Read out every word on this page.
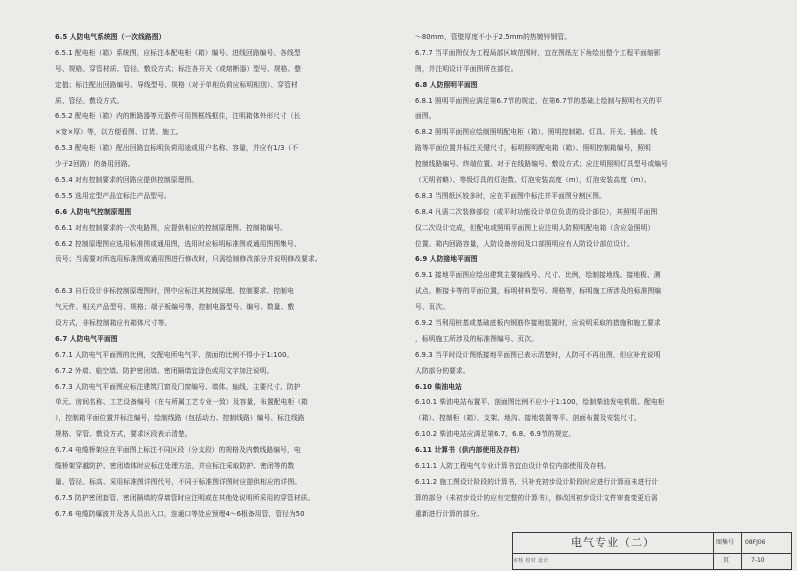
6.5 人防电气系统图（一次线路图）
6.5.1 配电柜（箱）系统图，应标注本配电柜（箱）编号、进线回路编号、各线型
号、规格、穿管材质、管径、敷设方式；标注各开关（或熔断器）型号、规格、整
定值；标注配出回路编号、导线型号、规格（对于单相负荷应标明相别）、穿管材
质、管径、敷设方式。
6.5.2 配电柜（箱）内的断路器等元器件可用图框线框住，注明箱体外形尺寸（长
×宽×厚）等，以方便看图、订货、施工。
6.5.3 配电柜（箱）配出回路宜标明负荷用途或用户名称、容量，并应有1/3（不
少于2回路）的备用回路。
6.5.4 对有控制要求的回路应提供控制原理图。
6.5.5 选用定型产品宜标注产品型号。
6.6 人防电气控制原理图
6.6.1 对有控制要求的一次电路图，应提供相应的控制原理图、控制箱编号。
6.6.2 控制原理图应选用标准图或通用图，选用时应标明标准图或通用图图集号、
页号；当需要对所选用标准图或通用图进行修改时，只需绘制修改部分并说明修改要求。
6.6.3 自行设计非标控制原理图时，图中应标注其控制原理、控制要求、控制电
气元件、相关产品型号、规格；端子板编号等，控制电器型号、编号、数量、敷
设方式，非标控制箱应有箱体尺寸等。
6.7 人防电气平面图
6.7.1 人防电气平面图的比例，交配电所电气平、剖面的比例不得小于1:100。
6.7.2 外墙、临空墙、防护密闭墙、密闭隔墙宜涂色或用文字加注说明。
6.7.3 人防电气平面图应标注建筑门窗及门窗编号、墙体、轴线，主要尺寸、防护
单元、房间名称、工艺设备编号（在与所属工艺专业一致）及容量，布置配电柜（箱
），控制箱平面位置并标注编号，绘制线路（包括动力、控制线路）编号、标注线路
规格、穿管、敷设方式，要求区段表示清楚。
6.7.4 电缆桥架应在平面图上标注不同区段（分支段）的规格及内敷线路编号，电
缆桥架穿越防护、密闭墙体时应标注处理方法，并应标注采取防护、密闭等的数
量、管径、标高、采用标准图详图代号，不同于标准图详图时应提供相应的详图。
6.7.5 防护密闭套管、密闭隔墙的穿墙管时应注明或在其他处说明所采用的穿管材质。
6.7.6 电缆防爆波井及各人员出入口，连通口等处应预埋4～6根备用管，管径为50
～80mm，管壁厚度不小于2.5mm的热镀锌钢管。
6.7.7 当平面图仅为工程局部区域范围时，宜在图纸左下角绘出整个工程平面缩影
图，并注明设计平面图所在部位。
6.8 人防照明平面图
6.8.1 照明平面图应满足第6.7节的规定，在第6.7节的基础上绘制与照明有关的平
面图。
6.8.2 照明平面图应绘制照明配电柜（箱）、照明控制箱、灯具、开关、插座、线
路等平面位置并标注关键尺寸，标明照明配电箱（箱）、照明控制箱编号，照明
控制线路编号、终端位置。对于在线路编号、敷设方式；应注明照明灯具型号或编号
（无明省略）、等级灯具的灯泡数、灯泡安装高度（m），灯泡安装高度（m）。
6.8.3 当图纸区较多时，应在平面图中标注并平面图分割区图。
6.8.4 凡需二次装修部位（或平时功能设计单位负责的设计部位），其照明平面图
仅二次设计完成，但配电或照明平面图上应注明人防照明配电箱（含应急照明）
位置、箱内回路容量，人防设备房间及口部照明应有人防设计部位设计。
6.9 人防接地平面图
6.9.1 接地平面图应绘出建筑主要轴线号、尺寸、比例，绘制接地线、接地极、测
试点、断接卡等的平面位置，标明材料型号、规格等，标明施工所涉及的标准图编
号、页次。
6.9.2 当利用桩基或基础底板内钢筋作接地装置时，应说明采取的措施和施工要求
，标明施工所涉及的标准图编号、页次。
6.9.3 当平时设计图纸接地平面图已表示清楚时，人防可不再出图，但应补充说明
人防部分的要求。
6.10 柴油电站
6.10.1 柴油电站布置平、剖面图比例不应小于1:100，绘制柴油发电机组、配电柜
（箱）、控制柜（箱）、支架、地沟、接地装置等平、剖面布置及安装尺寸。
6.10.2 柴油电站应满足第6.7、6.8、6.9节的规定。
6.11 计算书（供内部使用及存档）
6.11.1 人防工程电气专业计算书宜由设计单位内部使用及存档。
6.11.2 施工图设计阶段的计算书，只补充初步设计阶段时应进行计算而未进行计
算的部分（未初步设计的应有完整的计算书），修改因初步设计文件审查变更后需
重新进行计算的部分。
电气专业（二）	图集号 08FJ06
页	7-10
审核 校对 设计
